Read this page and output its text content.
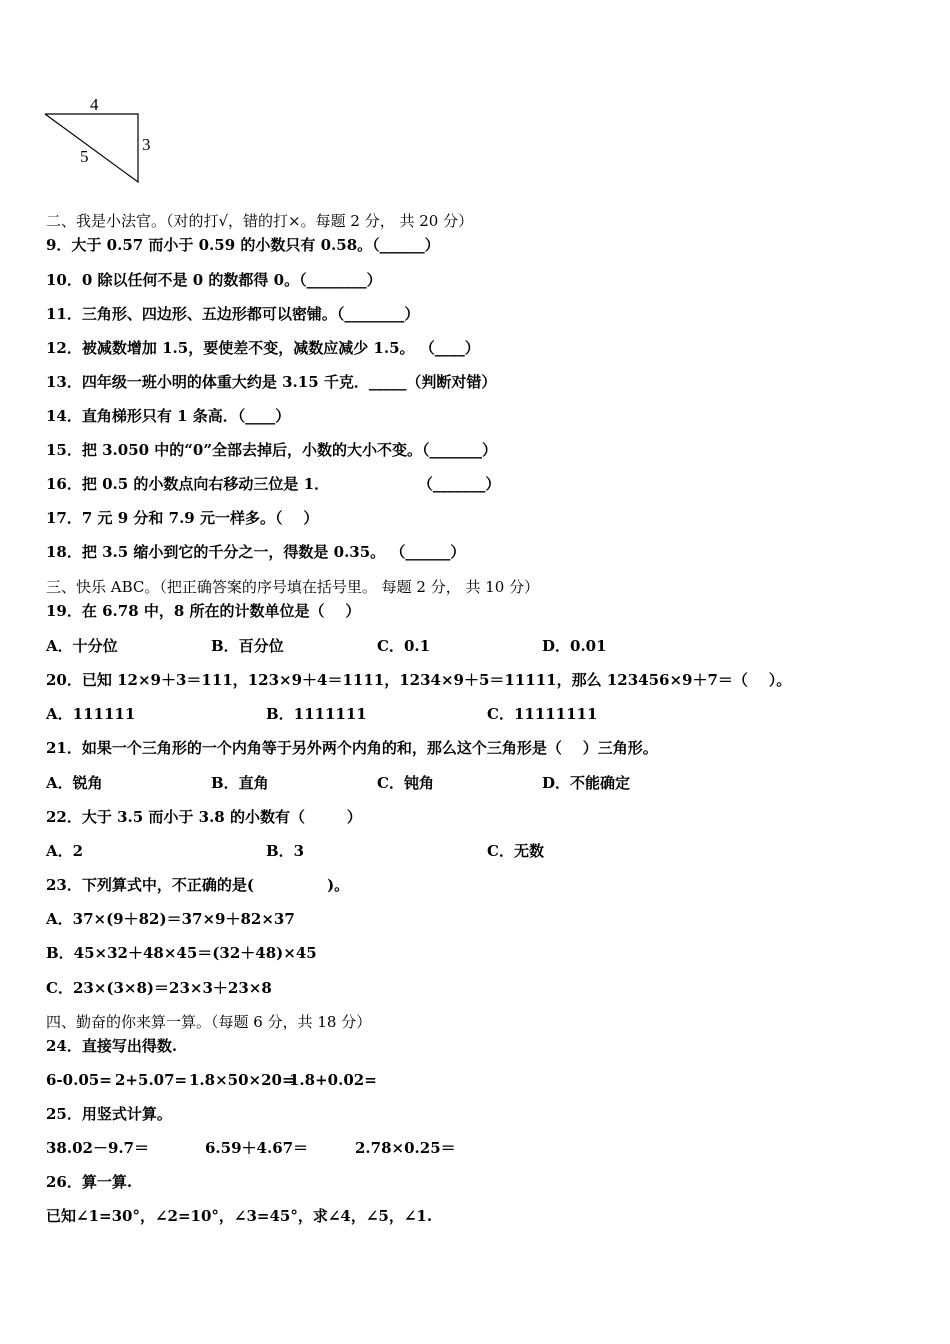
4
3
5
二、我是小法官。（对的打√，错的打×。每题 2 分， 共 20 分）
9．大于 0.57 而小于 0.59 的小数只有 0.58。（______）
10．0 除以任何不是 0 的数都得 0。（________）
11．三角形、四边形、五边形都可以密铺。（________）
12．被减数增加 1.5，要使差不变，减数应减少 1.5。 （____）
13．四年级一班小明的体重大约是 3.15 千克．_____（判断对错）
14．直角梯形只有 1 条高．（____）
15．把 3.050 中的“0”全部去掉后，小数的大小不变。（_______）
16．把 0.5 的小数点向右移动三位是 1．                 （_______）
17．7 元 9 分和 7.9 元一样多。（    ）
18．把 3.5 缩小到它的千分之一，得数是 0.35。 （______）
三、快乐 ABC。（把正确答案的序号填在括号里。 每题 2 分， 共 10 分）
19．在 6.78 中，8 所在的计数单位是（    ）
A．十分位	B．百分位	C．0.1	D．0.01
20．已知 12×9＋3＝111，123×9＋4＝1111，1234×9＋5＝11111，那么 123456×9＋7＝（    ）。
A．111111	B．1111111	C．11111111
21．如果一个三角形的一个内角等于另外两个内角的和，那么这个三角形是（    ）三角形。
A．锐角	B．直角	C．钝角	D．不能确定
22．大于 3.5 而小于 3.8 的小数有（        ）
A．2	B．3	C．无数
23．下列算式中，不正确的是(              )。
A．37×(9＋82)＝37×9＋82×37
B．45×32＋48×45＝(32＋48)×45
C．23×(3×8)＝23×3＋23×8
四、勤奋的你来算一算。（每题 6 分，共 18 分）
24．直接写出得数.
6-0.05= 2+5.07= 1.8×50×20=
1.8+0.02=
25．用竖式计算。
38.02－9.7＝	6.59＋4.67＝	2.78×0.25＝
26．算一算.
已知∠1=30°，∠2=10°，∠3=45°，求∠4，∠5，∠1.
